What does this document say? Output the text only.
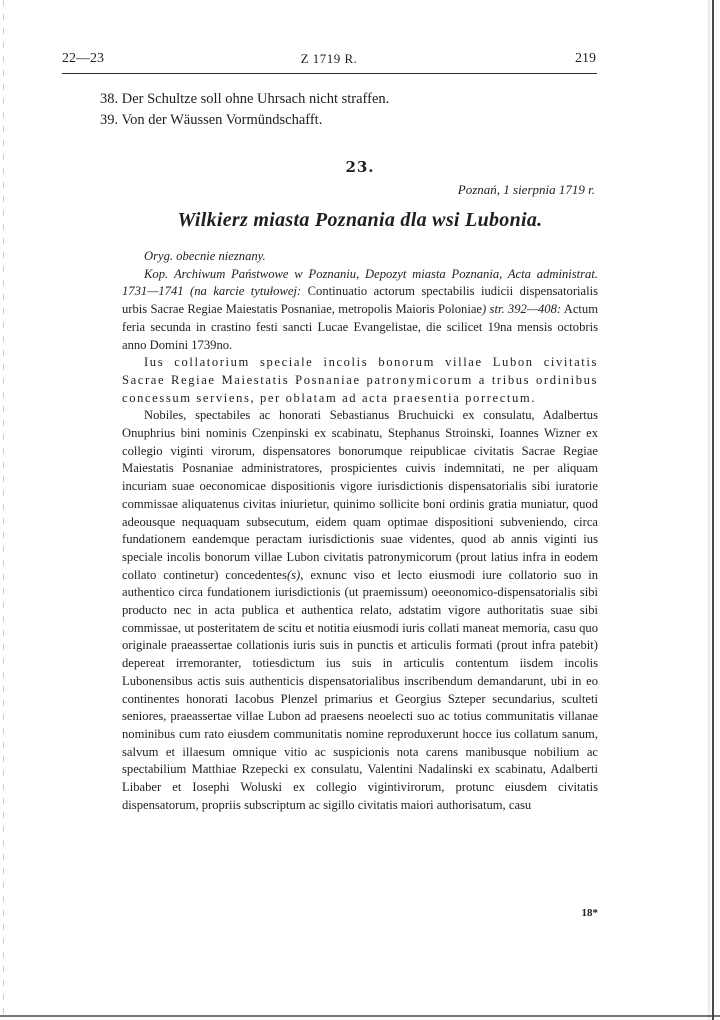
22—23	Z 1719 R.	219
38. Der Schultze soll ohne Uhrsach nicht straffen.
39. Von der Wäussen Vormündschafft.
23.
Poznań, 1 sierpnia 1719 r.
Wilkierz miasta Poznania dla wsi Lubonia.

Oryg. obecnie nieznany.

Kop. Archiwum Państwowe w Poznaniu, Depozyt miasta Poznania, Acta administrat. 1731—1741 (na karcie tytułowej: Continuatio actorum spectabilis iudicii dispensatorialis urbis Sacrae Regiae Maiestatis Posnaniae, metropolis Maioris Poloniae) str. 392—408: Actum feria secunda in crastino festi sancti Lucae Evangelistae, die scilicet 19na mensis octobris anno Domini 1739no.

Ius collatorium speciale incolis bonorum villae Lubon civitatis Sacrae Regiae Maiestatis Posnaniae patronymicorum a tribus ordinibus concessum serviens, per oblatam ad acta praesentia porrectum.

Nobiles, spectabiles ac honorati Sebastianus Bruchuicki ex consulatu, Adalbertus Onuphrius bini nominis Czenpinski ex scabinatu, Stephanus Stroinski, Ioannes Wizner ex collegio viginti virorum, dispensatores bonorumque reipublicae civitatis Sacrae Regiae Maiestatis Posnaniae administratores, prospicientes cuivis indemnitati, ne per aliquam incuriam suae oeconomicae dispositionis vigore iurisdictionis dispensatorialis sibi iuratorie commissae aliquatenus civitas iniurietur, quinimo sollicite boni ordinis gratia muniatur, quod adeousque nequaquam subsecutum, eidem quam optimae dispositioni subveniendo, circa fundationem eandemque peractam iurisdictionis suae videntes, quod ab annis viginti ius speciale incolis bonorum villae Lubon civitatis patronymicorum (prout latius infra in eodem collato continetur) concedentes(s), exnunc viso et lecto eiusmodi iure collatorio suo in authentico circa fundationem iurisdictionis (ut praemissum) oeeonomico-dispensatorialis sibi producto nec in acta publica et authentica relato, adstatim vigore authoritatis suae sibi commissae, ut posteritatem de scitu et notitia eiusmodi iuris collati maneat memoria, casu quo originale praeassertae collationis iuris suis in punctis et articulis formati (prout infra patebit) depereat irremoranter, totiesdictum ius suis in articulis contentum iisdem incolis Lubonensibus actis suis authenticis dispensatorialibus inscribendum demandarunt, ubi in eo continentes honorati Iacobus Plenzel primarius et Georgius Szteper secundarius, sculteti seniores, praeassertae villae Lubon ad praesens neoelecti suo ac totius communitatis villanae nominibus cum rato eiusdem communitatis nomine reproduxerunt hocce ius collatum sanum, salvum et illaesum omnique vitio ac suspicionis nota carens manibusque nobilium ac spectabilium Matthiae Rzepecki ex consulatu, Valentini Nadalinski ex scabinatu, Adalberti Libaber et Iosephi Woluski ex collegio vigintivirorum, protunc eiusdem civitatis dispensatorum, propriis subscriptum ac sigillo civitatis maiori authorisatum, casu

18*
